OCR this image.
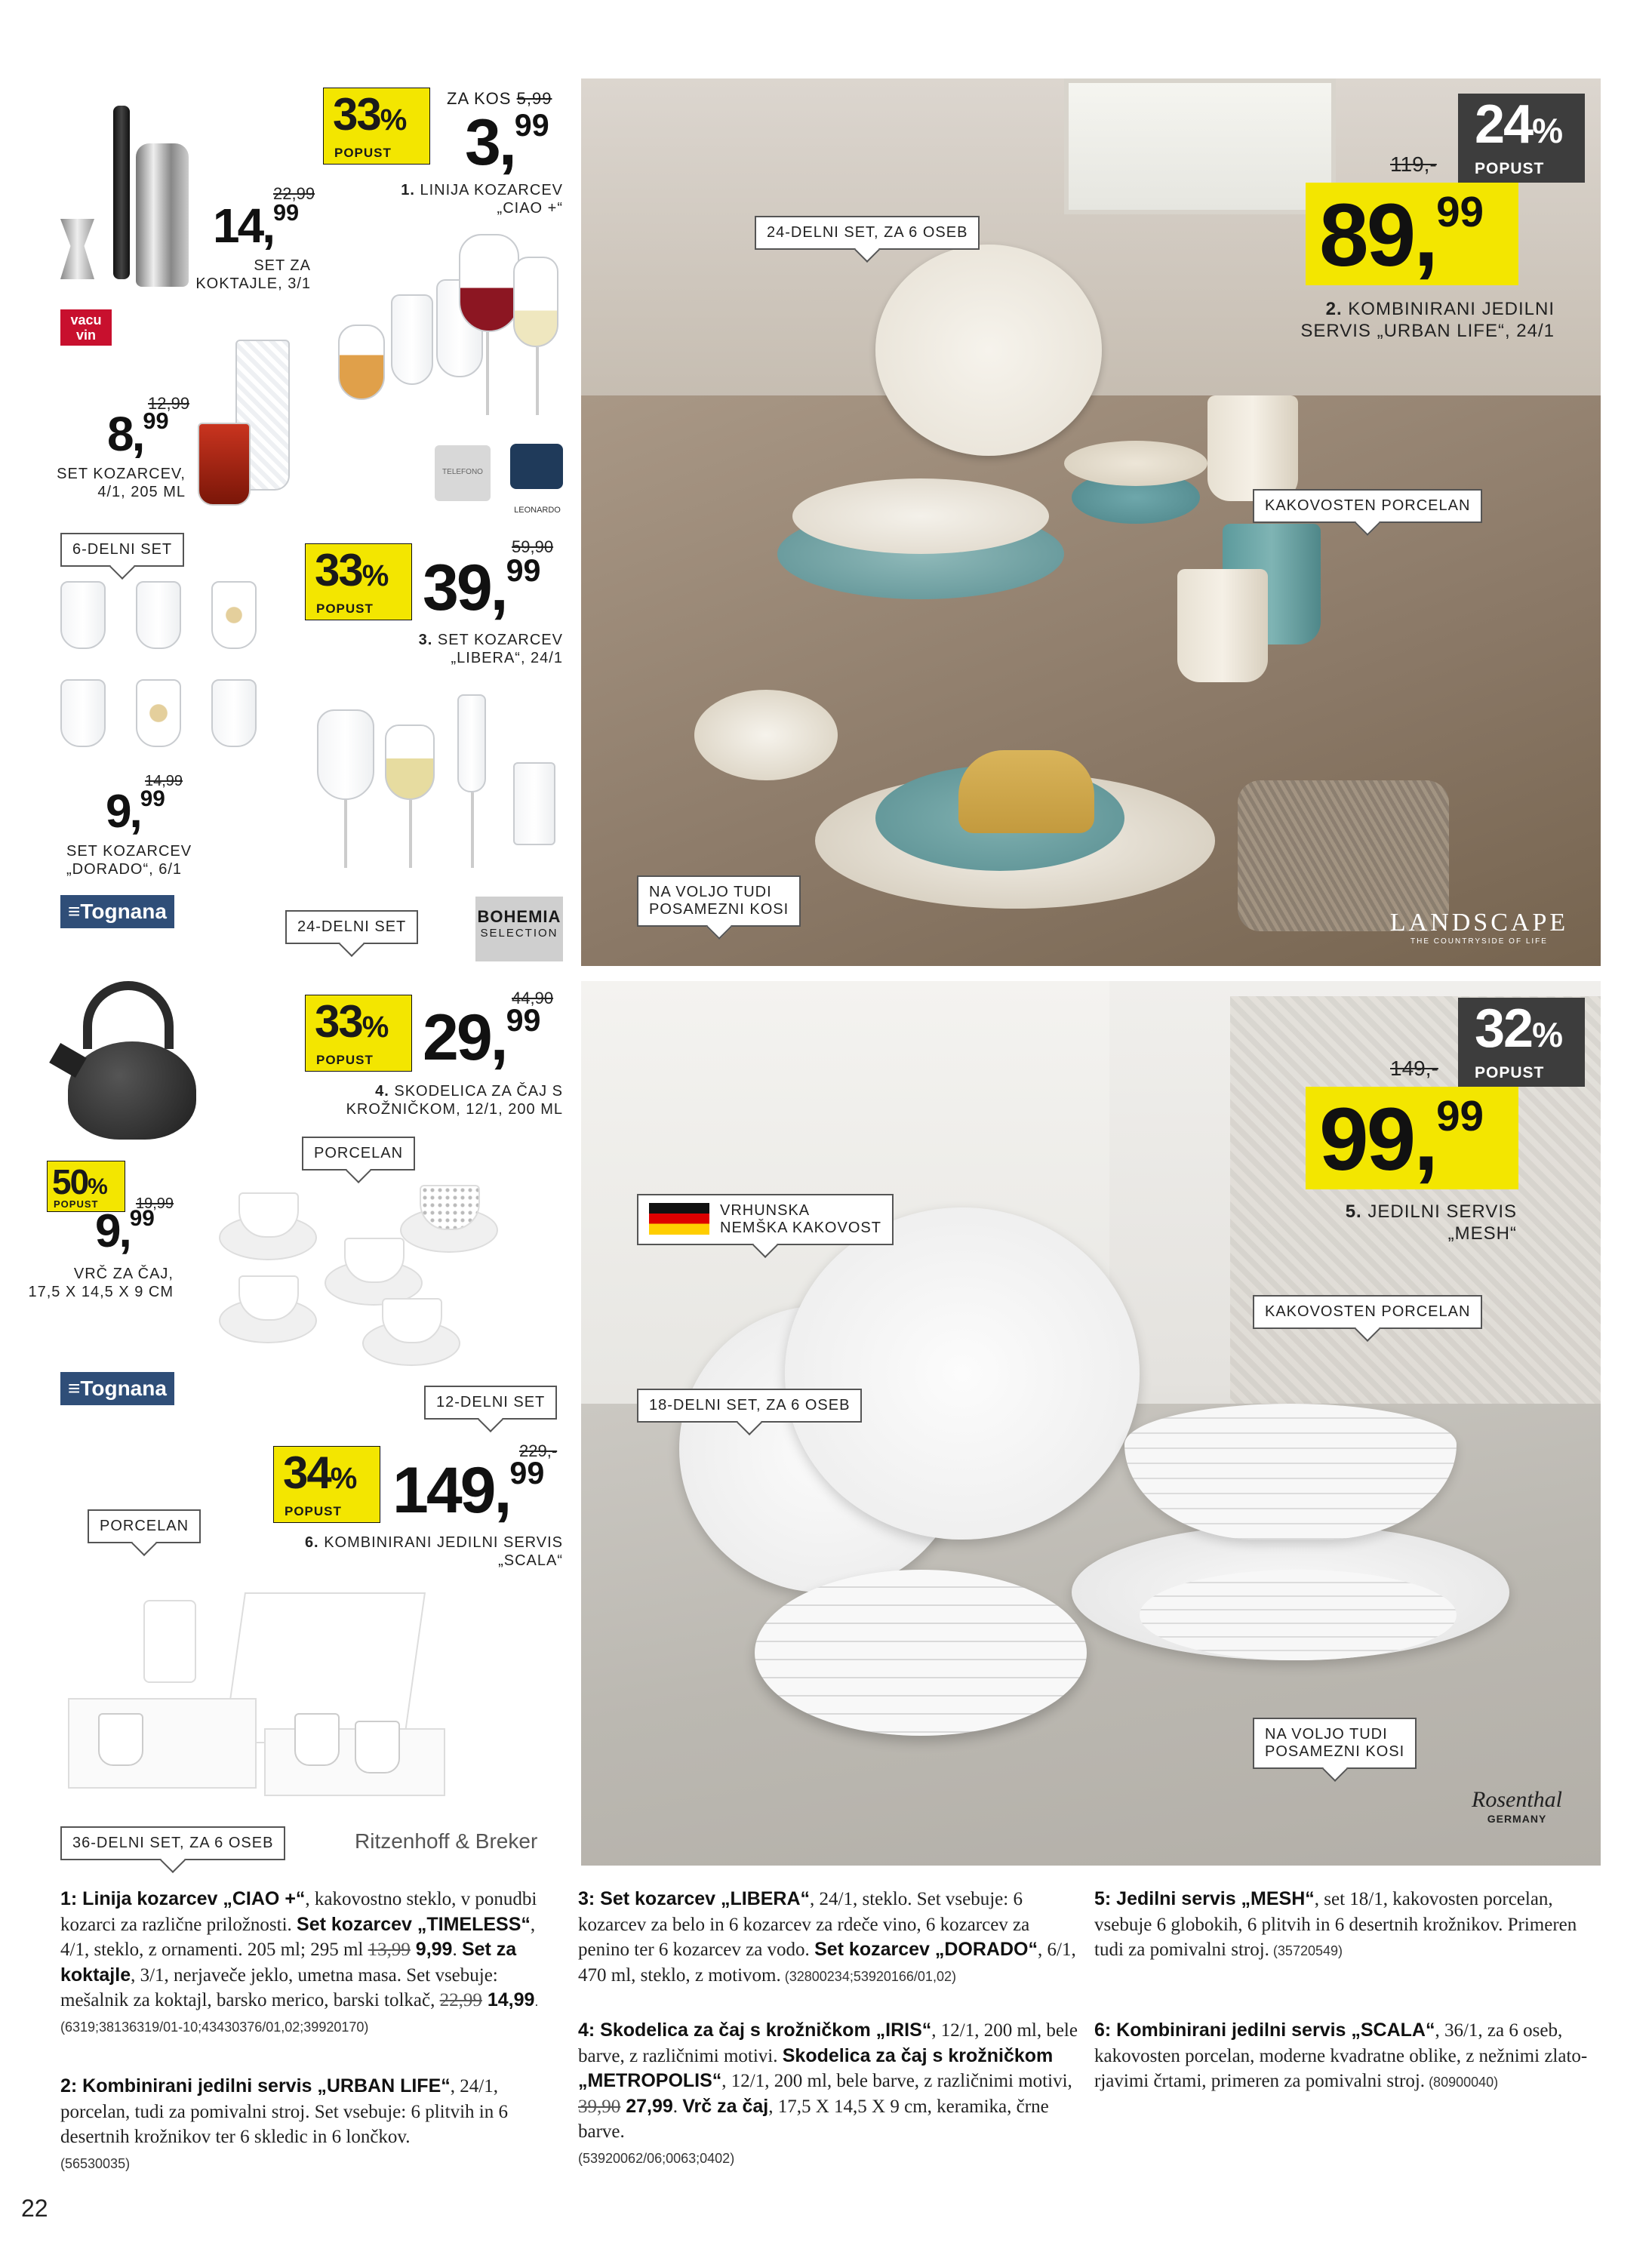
vacu vin
22,99
14,99
SET ZA
KOKTAJLE, 3/1
12,99
8,99
SET KOZARCEV,
4/1, 205 ML
33%
POPUST
ZA KOS 5,99
3,99
1. LINIJA KOZARCEV
„CIAO +“
TELEFONO
LEONARDO
6-DELNI SET
14,99
9,99
SET KOZARCEV
„DORADO“, 6/1
≡Tognana
33%
POPUST
59,90
39,99
3. SET KOZARCEV
„LIBERA“, 24/1
24-DELNI SET
BOHEMIA
SELECTION
24-DELNI SET, ZA 6 OSEB
24%
POPUST
119,-
89,99
2. KOMBINIRANI JEDILNI
SERVIS „URBAN LIFE“, 24/1
KAKOVOSTEN PORCELAN
NA VOLJO TUDI
POSAMEZNI KOSI	LANDSCAPE
THE COUNTRYSIDE OF LIFE
50%
POPUST 19,99
9,99
VRČ ZA ČAJ,
17,5 X 14,5 X 9 CM
≡Tognana
33%
POPUST
44,90
29,99
4. SKODELICA ZA ČAJ S
KROŽNIČKOM, 12/1, 200 ML
PORCELAN
12-DELNI SET
34%
POPUST
229,-
149,99
6. KOMBINIRANI JEDILNI SERVIS
„SCALA“
PORCELAN
36-DELNI SET, ZA 6 OSEB	Ritzenhoff & Breker
32%
POPUST
149,-
99,99
5. JEDILNI SERVIS
„MESH“
VRHUNSKA
NEMŠKA KAKOVOST
KAKOVOSTEN PORCELAN
18-DELNI SET, ZA 6 OSEB
NA VOLJO TUDI
POSAMEZNI KOSI
Rosenthal
GERMANY
1: Linija kozarcev „CIAO +“, kakovostno steklo, v ponudbi kozarci za različne priložnosti. Set kozarcev „TIMELESS“, 4/1, steklo, z ornamenti. 205 ml; 295 ml 13,99 9,99. Set za koktajle, 3/1, nerjaveče jeklo, umetna masa. Set vsebuje: mešalnik za koktajl, barsko merico, barski tolkač, 22,99 14,99. (6319;38136319/01-10;43430376/01,02;39920170)
2: Kombinirani jedilni servis „URBAN LIFE“, 24/1, porcelan, tudi za pomivalni stroj. Set vsebuje: 6 plitvih in 6 desertnih krožnikov ter 6 skledic in 6 lončkov.
(56530035)
3: Set kozarcev „LIBERA“, 24/1, steklo. Set vsebuje: 6 kozarcev za belo in 6 kozarcev za rdeče vino, 6 kozarcev za penino ter 6 kozarcev za vodo. Set kozarcev „DORADO“, 6/1, 470 ml, steklo, z motivom. (32800234;53920166/01,02)
4: Skodelica za čaj s krožničkom „IRIS“, 12/1, 200 ml, bele barve, z različnimi motivi. Skodelica za čaj s krožničkom „METROPOLIS“, 12/1, 200 ml, bele barve, z različnimi motivi, 39,90 27,99. Vrč za čaj, 17,5 X 14,5 X 9 cm, keramika, črne barve.
(53920062/06;0063;0402)
5: Jedilni servis „MESH“, set 18/1, kakovosten porcelan, vsebuje 6 globokih, 6 plitvih in 6 desertnih krožnikov. Primeren tudi za pomivalni stroj. (35720549)
6: Kombinirani jedilni servis „SCALA“, 36/1, za 6 oseb, kakovosten porcelan, moderne kvadratne oblike, z nežnimi zlato-rjavimi črtami, primeren za pomivalni stroj. (80900040)
22
